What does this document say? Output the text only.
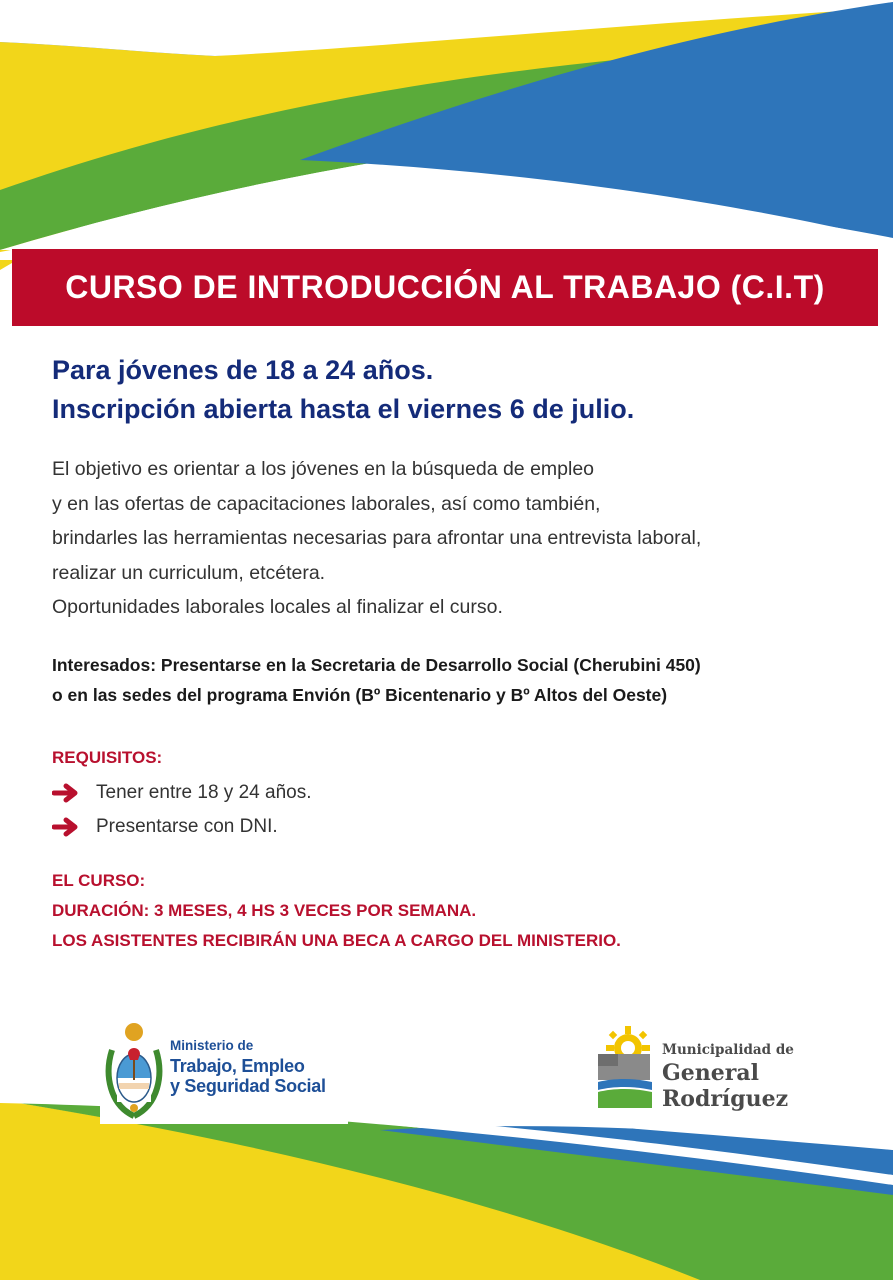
CURSO DE INTRODUCCIÓN AL TRABAJO (C.I.T)
Para jóvenes de 18 a 24 años.
Inscripción abierta hasta el viernes 6 de julio.
El objetivo es orientar a los jóvenes en la búsqueda de empleo
y en las ofertas de capacitaciones laborales, así como también,
brindarles las herramientas necesarias para afrontar una entrevista laboral,
realizar un curriculum, etcétera.
Oportunidades laborales locales al finalizar el curso.
Interesados: Presentarse en la Secretaria de Desarrollo Social (Cherubini 450)
o en las sedes del programa Envión (Bº Bicentenario y Bº Altos del Oeste)
REQUISITOS:
Tener entre 18 y 24 años.
Presentarse con DNI.
EL CURSO:
DURACIÓN: 3 MESES, 4 HS 3 VECES POR SEMANA.
LOS ASISTENTES RECIBIRÁN UNA BECA A CARGO DEL MINISTERIO.
Ministerio de
Trabajo, Empleo
y Seguridad Social
Municipalidad de
General
Rodríguez
